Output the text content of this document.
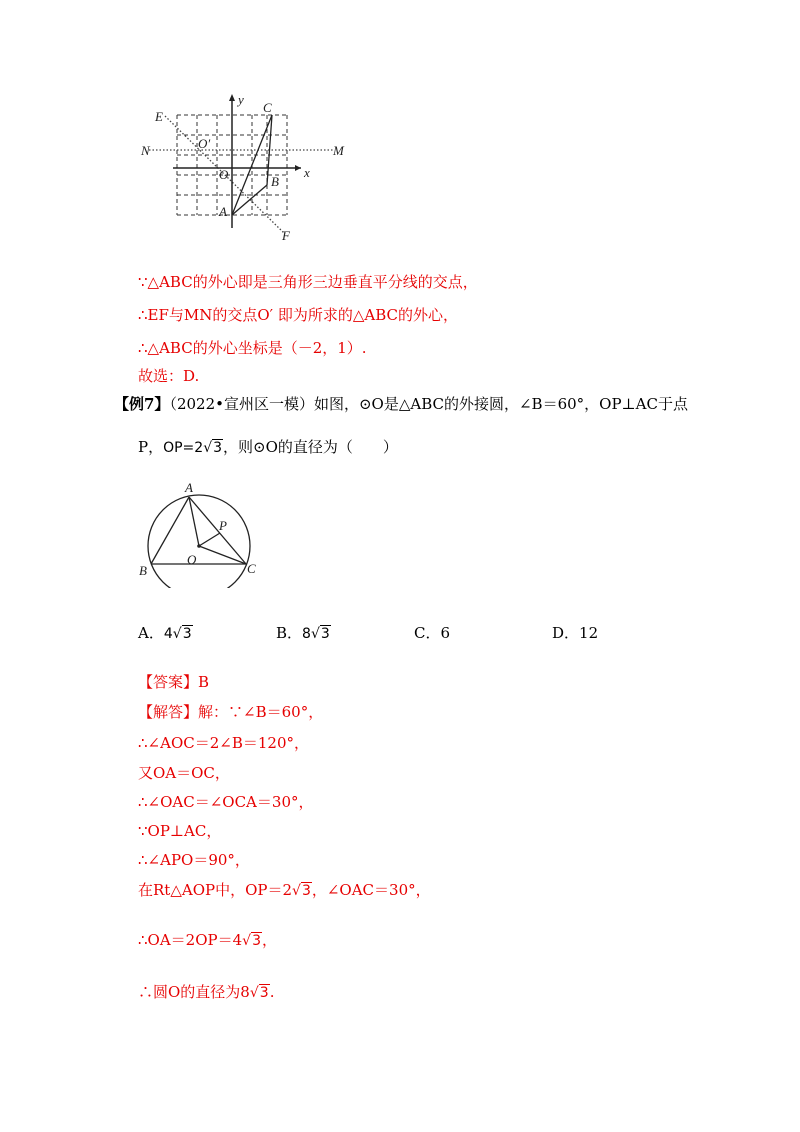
E
y
C
N	M
O′
O	x
B
A
F
∵△ABC的外心即是三角形三边垂直平分线的交点，
∴EF与MN的交点O′ 即为所求的△ABC的外心，
∴△ABC的外心坐标是（－2，1）.
故选：D.
【例7】（2022•宣州区一模）如图，⊙O是△ABC的外接圆，∠B＝60°，OP⊥AC于点
P，OP=2√3，则⊙O的直径为（　　）
A
P
O
B	C
A．4√3	B．8√3	C．6	D．12
【答案】B
【解答】解：∵∠B＝60°，
∴∠AOC＝2∠B＝120°，
又OA＝OC，
∴∠OAC＝∠OCA＝30°，
∵OP⊥AC，
∴∠APO＝90°，
在Rt△AOP中，OP＝2√3，∠OAC＝30°，
∴OA＝2OP＝4√3，
∴圆O的直径为8√3.
